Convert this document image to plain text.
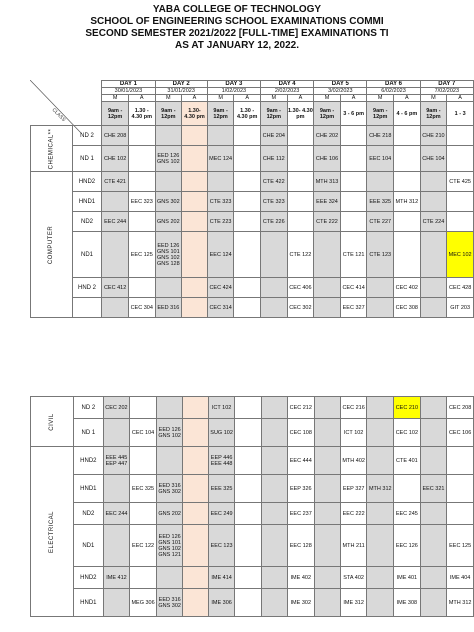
YABA COLLEGE OF TECHNOLOGY
SCHOOL OF ENGINEERING SCHOOL EXAMINATIONS COMMI
SECOND SEMESTER 2021/2022 [FULL-TIME] EXAMINATIONS TI
AS AT JANUARY 12, 2022.
CLASS
		DAY 1		DAY 2		DAY 3		DAY 4		DAY 5		DAY 6		DAY 7	
		30/01/2023		31/01/2023		1/02/2023		2/02/2023		3/02/2023		6/02/2023		7/02/2023	
		M	A	M	A	M	A	M	A	M	A	M	A	M	A
		9am - 12pm	1.30 - 4.30 pm	9am - 12pm	1.30- 4.30 pm	9am - 12pm	1.30 - 4.30 pm	9am - 12pm	1.30- 4.30 pm	9am - 12pm	3 - 6 pm	9am - 12pm	4 - 6 pm	9am - 12pm	1 - 3
CHEMICAL**	ND 2	CHE 208						CHE 204		CHE 202		CHE 218		CHE 210	
	ND 1	CHE 102		EED 126 GNS 102		MEC 124		CHE 112		CHE 106		EEC 104		CHE 104	
COMPUTER	HND2	CTE 421						CTE 422		MTH 313					CTE 425
	HND1		EEC 323	GNS 302		CTE 323		CTE 323		EEE 324		EEE 325	MTH 312		
	ND2	EEC 244		GNS 202		CTE 223		CTE 226		CTE 222		CTE 227		CTE 224	
	ND1		EEC 125	EED 126 GNS 101 GNS 102 GNS 128		EEC 124			CTE 122		CTE 121	CTE 123			MEC 102
	HND 2	CEC 412				CEC 424			CEC 406		CEC 414		CEC 402		CEC 428
			CEC 304	EED 316		CEC 314			CEC 302		EEC 327		CEC 308		GIT 203
CIVIL	ND 2	CEC 202				ICT 102			CEC 212		CEC 216		CEC 210		CEC 208
	ND 1		CEC 104	EED 126 GNS 102		SUG 102			CEC 108		ICT 102		CEC 102		CEC 106
ELECTRICAL	HND2	EEE 445 EEP 447				EEP 446 EEE 448			EEC 444		MTH 402		CTE 401		
	HND1		EEC 325	EED 316 GNS 302		EEE 325			EEP 326		EEP 327	MTH 312		EEC 321	
	ND2	EEC 244		GNS 202		EEC 249			EEC 237		EEC 222		EEC 245		
	ND1		EEC 122	EED 126 GNS 101 GNS 102 GNS 121		EEC 123			EEC 128		MTH 211		EEC 126		EEC 125
	HND2	IME 412				IME 414			IME 402		STA 402		IME 401		IME 404
	HND1		MEG 306	EED 316 GNS 302		IME 306			IME 302		IME 312		IME 308		MTH 312
